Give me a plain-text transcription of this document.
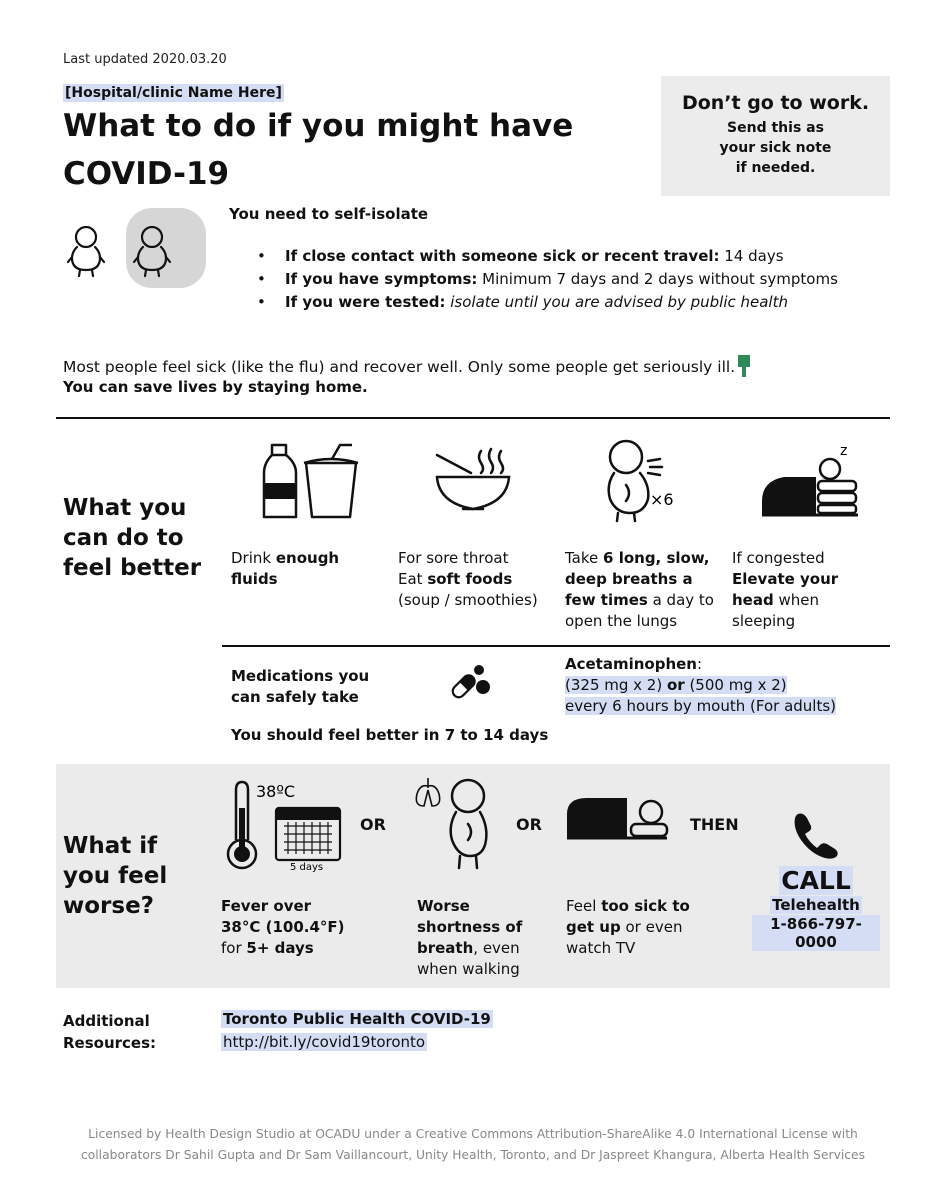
Last updated 2020.03.20
[Hospital/clinic Name Here]
What to do if you might have
COVID-19
Don’t go to work.
Send this as
your sick note
if needed.
You need to self-isolate
• If close contact with someone sick or recent travel: 14 days
• If you have symptoms: Minimum 7 days and 2 days without symptoms
• If you were tested: isolate until you are advised by public health
Most people feel sick (like the flu) and recover well. Only some people get seriously ill.
You can save lives by staying home.
What you
can do to
feel better
×6
z
Drink enough
fluids
For sore throat
Eat soft foods
(soup / smoothies)
Take 6 long, slow,
deep breaths a
few times a day to
open the lungs
If congested
Elevate your
head when
sleeping
Medications you
can safely take
Acetaminophen:
(325 mg x 2) or (500 mg x 2)
every 6 hours by mouth (For adults)
You should feel better in 7 to 14 days
What if
you feel
worse?
38ºC
5 days
OR	OR	THEN
Fever over
38°C (100.4°F)
for 5+ days
Worse
shortness of
breath, even
when walking
Feel too sick to
get up or even
watch TV
CALL
Telehealth
1-866-797-0000
Additional
Resources:
Toronto Public Health COVID-19
http://bit.ly/covid19toronto
Licensed by Health Design Studio at OCADU under a Creative Commons Attribution-ShareAlike 4.0 International License with
collaborators Dr Sahil Gupta and Dr Sam Vaillancourt, Unity Health, Toronto, and Dr Jaspreet Khangura, Alberta Health Services
